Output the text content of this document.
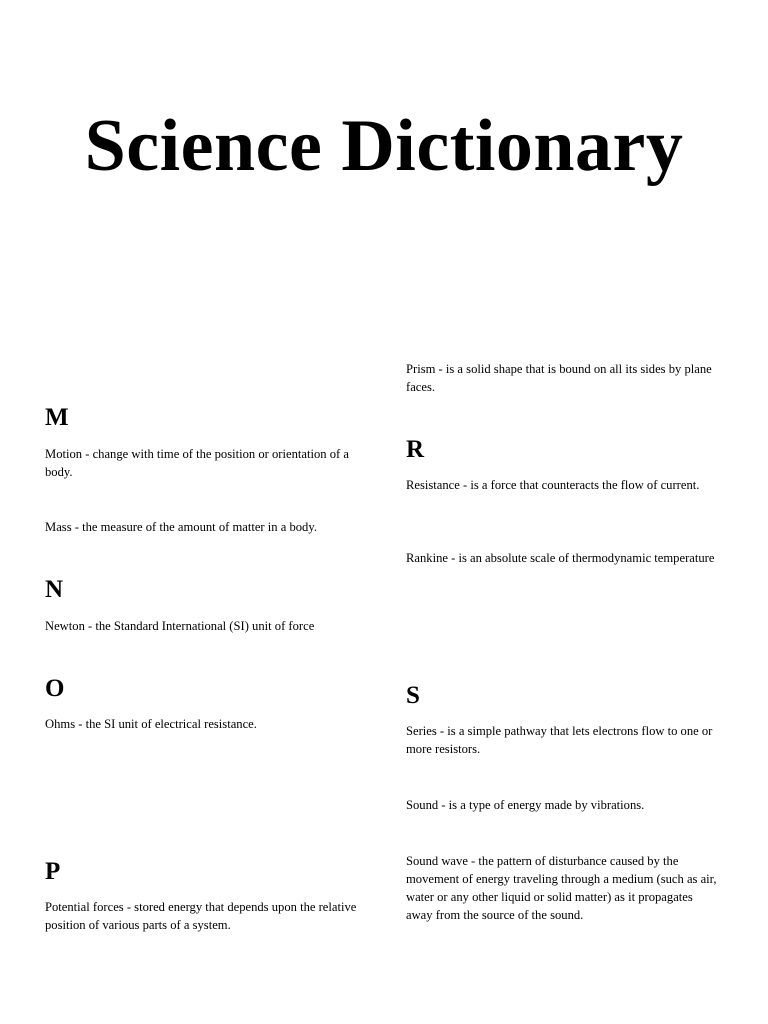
Science Dictionary
M

Motion - change with time of the position or orientation of a body.

Mass - the measure of the amount of matter in a body.

N

Newton - the Standard International (SI) unit of force

O

Ohms - the SI unit of electrical resistance.

P

Potential forces - stored energy that depends upon the relative position of various parts of a system.

Prism - is a solid shape that is bound on all its sides by plane faces.

R

Resistance - is a force that counteracts the flow of current.

Rankine - is an absolute scale of thermodynamic temperature

S

Series - is a simple pathway that lets electrons flow to one or more resistors.

Sound - is a type of energy made by vibrations.

Sound wave - the pattern of disturbance caused by the movement of energy traveling through a medium (such as air, water or any other liquid or solid matter) as it propagates away from the source of the sound.
